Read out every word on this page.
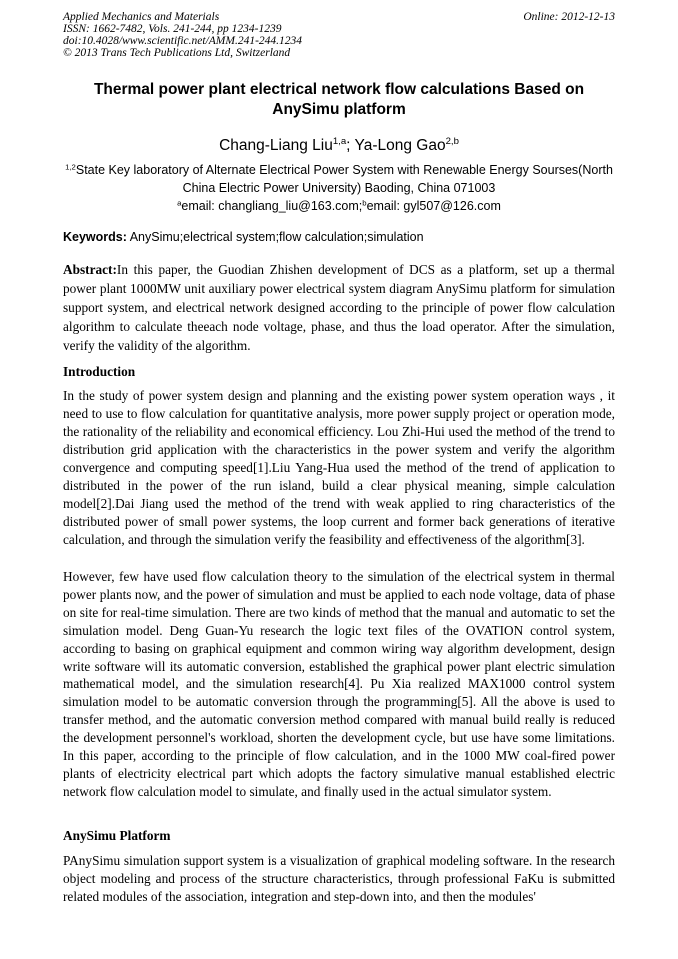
Applied Mechanics and Materials
ISSN: 1662-7482, Vols. 241-244, pp 1234-1239
doi:10.4028/www.scientific.net/AMM.241-244.1234
© 2013 Trans Tech Publications Ltd, Switzerland
Online: 2012-12-13
Thermal power plant electrical network flow calculations Based on AnySimu platform
Chang-Liang Liu$^{1,a}$; Ya-Long Gao$^{2,b}$
$^{1,2}$State Key laboratory of Alternate Electrical Power System with Renewable Energy Sourses(North China Electric Power University) Baoding, China 071003
$^a$email: changliang_liu@163.com;$^b$email: gyl507@126.com
Keywords: AnySimu;electrical system;flow calculation;simulation
Abstract:In this paper, the Guodian Zhishen development of DCS as a platform, set up a thermal power plant 1000MW unit auxiliary power electrical system diagram AnySimu platform for simulation support system, and electrical network designed according to the principle of power flow calculation algorithm to calculate theeach node voltage, phase, and thus the load operator. After the simulation, verify the validity of the algorithm.
Introduction
In the study of power system design and planning and the existing power system operation ways , it need to use to flow calculation for quantitative analysis, more power supply project or operation mode, the rationality of the reliability and economical efficiency. Lou Zhi-Hui used the method of the trend to distribution grid application with the characteristics in the power system and verify the algorithm convergence and computing speed[1].Liu Yang-Hua used the method of the trend of application to distributed in the power of the run island, build a clear physical meaning, simple calculation model[2].Dai Jiang used the method of the trend with weak applied to ring characteristics of the distributed power of small power systems, the loop current and former back generations of iterative calculation, and through the simulation verify the feasibility and effectiveness of the algorithm[3].
However, few have used flow calculation theory to the simulation of the electrical system in thermal power plants now, and the power of simulation and must be applied to each node voltage, data of phase on site for real-time simulation. There are two kinds of method that the manual and automatic to set the simulation model. Deng Guan-Yu research the logic text files of the OVATION control system, according to basing on graphical equipment and common wiring way algorithm development, design write software will its automatic conversion, established the graphical power plant electric simulation mathematical model, and the simulation research[4]. Pu Xia realized MAX1000 control system simulation model to be automatic conversion through the programming[5]. All the above is used to transfer method, and the automatic conversion method compared with manual build really is reduced the development personnel's workload, shorten the development cycle, but use have some limitations. In this paper, according to the principle of flow calculation, and in the 1000 MW coal-fired power plants of electricity electrical part which adopts the factory simulative manual established electric network flow calculation model to simulate, and finally used in the actual simulator system.
AnySimu Platform
PAnySimu simulation support system is a visualization of graphical modeling software. In the research object modeling and process of the structure characteristics, through professional FaKu is submitted related modules of the association, integration and step-down into, and then the modules'
